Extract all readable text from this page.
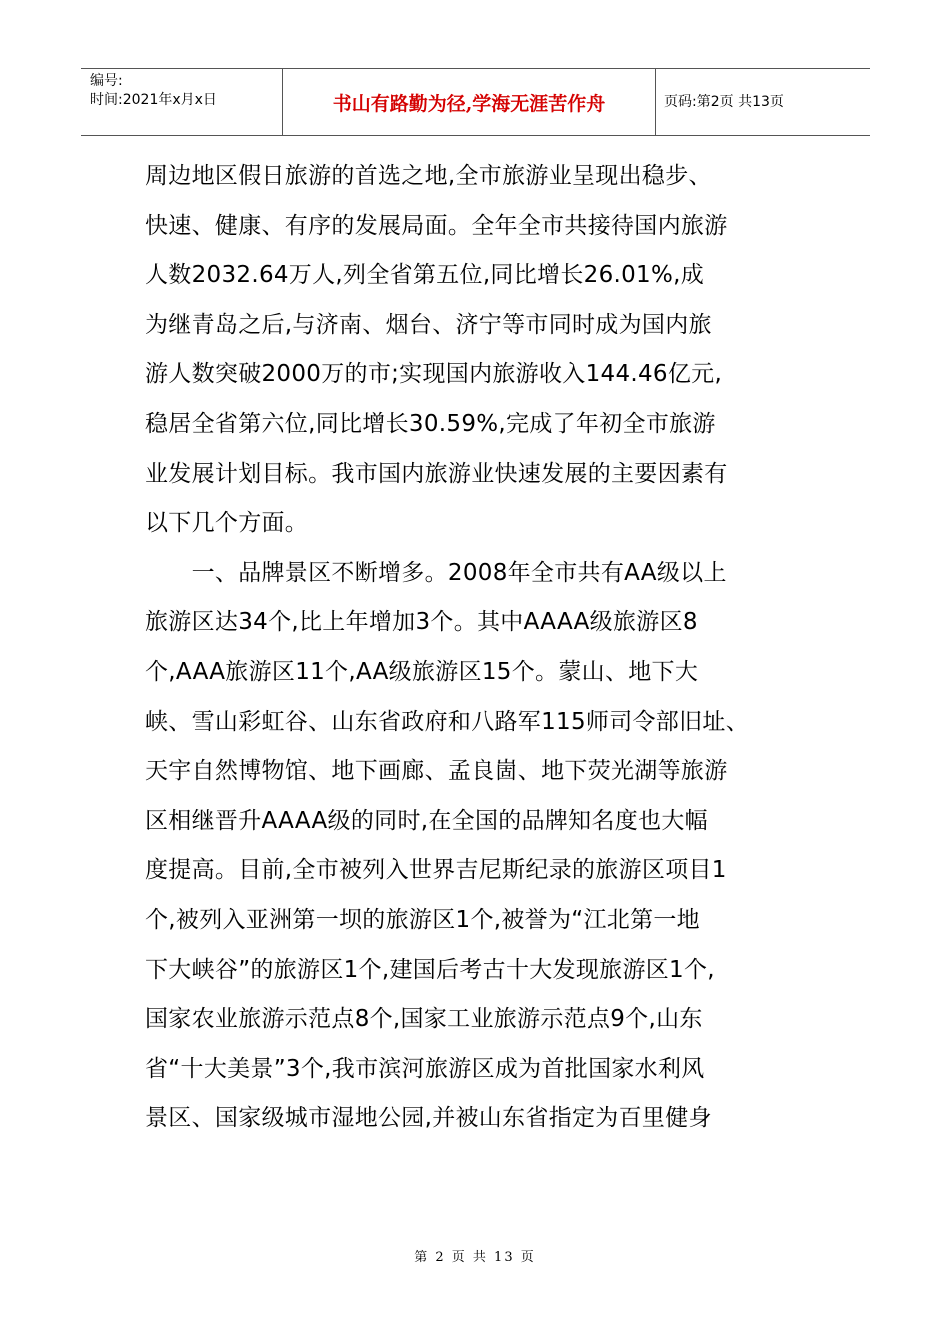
编号:
时间:2021年x月x日	书山有路勤为径,学海无涯苦作舟	页码:第2页 共13页

周边地区假日旅游的首选之地,全市旅游业呈现出稳步、

快速、健康、有序的发展局面。全年全市共接待国内旅游

人数2032.64万人,列全省第五位,同比增长26.01%,成

为继青岛之后,与济南、烟台、济宁等市同时成为国内旅

游人数突破2000万的市;实现国内旅游收入144.46亿元,

稳居全省第六位,同比增长30.59%,完成了年初全市旅游

业发展计划目标。我市国内旅游业快速发展的主要因素有

以下几个方面。

　　一、品牌景区不断增多。2008年全市共有AA级以上

旅游区达34个,比上年增加3个。其中AAAA级旅游区8

个,AAA旅游区11个,AA级旅游区15个。蒙山、地下大

峡、雪山彩虹谷、山东省政府和八路军115师司令部旧址、

天宇自然博物馆、地下画廊、孟良崮、地下荧光湖等旅游

区相继晋升AAAA级的同时,在全国的品牌知名度也大幅

度提高。目前,全市被列入世界吉尼斯纪录的旅游区项目1

个,被列入亚洲第一坝的旅游区1个,被誉为“江北第一地

下大峡谷”的旅游区1个,建国后考古十大发现旅游区1个,

国家农业旅游示范点8个,国家工业旅游示范点9个,山东

省“十大美景”3个,我市滨河旅游区成为首批国家水利风

景区、国家级城市湿地公园,并被山东省指定为百里健身

第 2 页 共 13 页
